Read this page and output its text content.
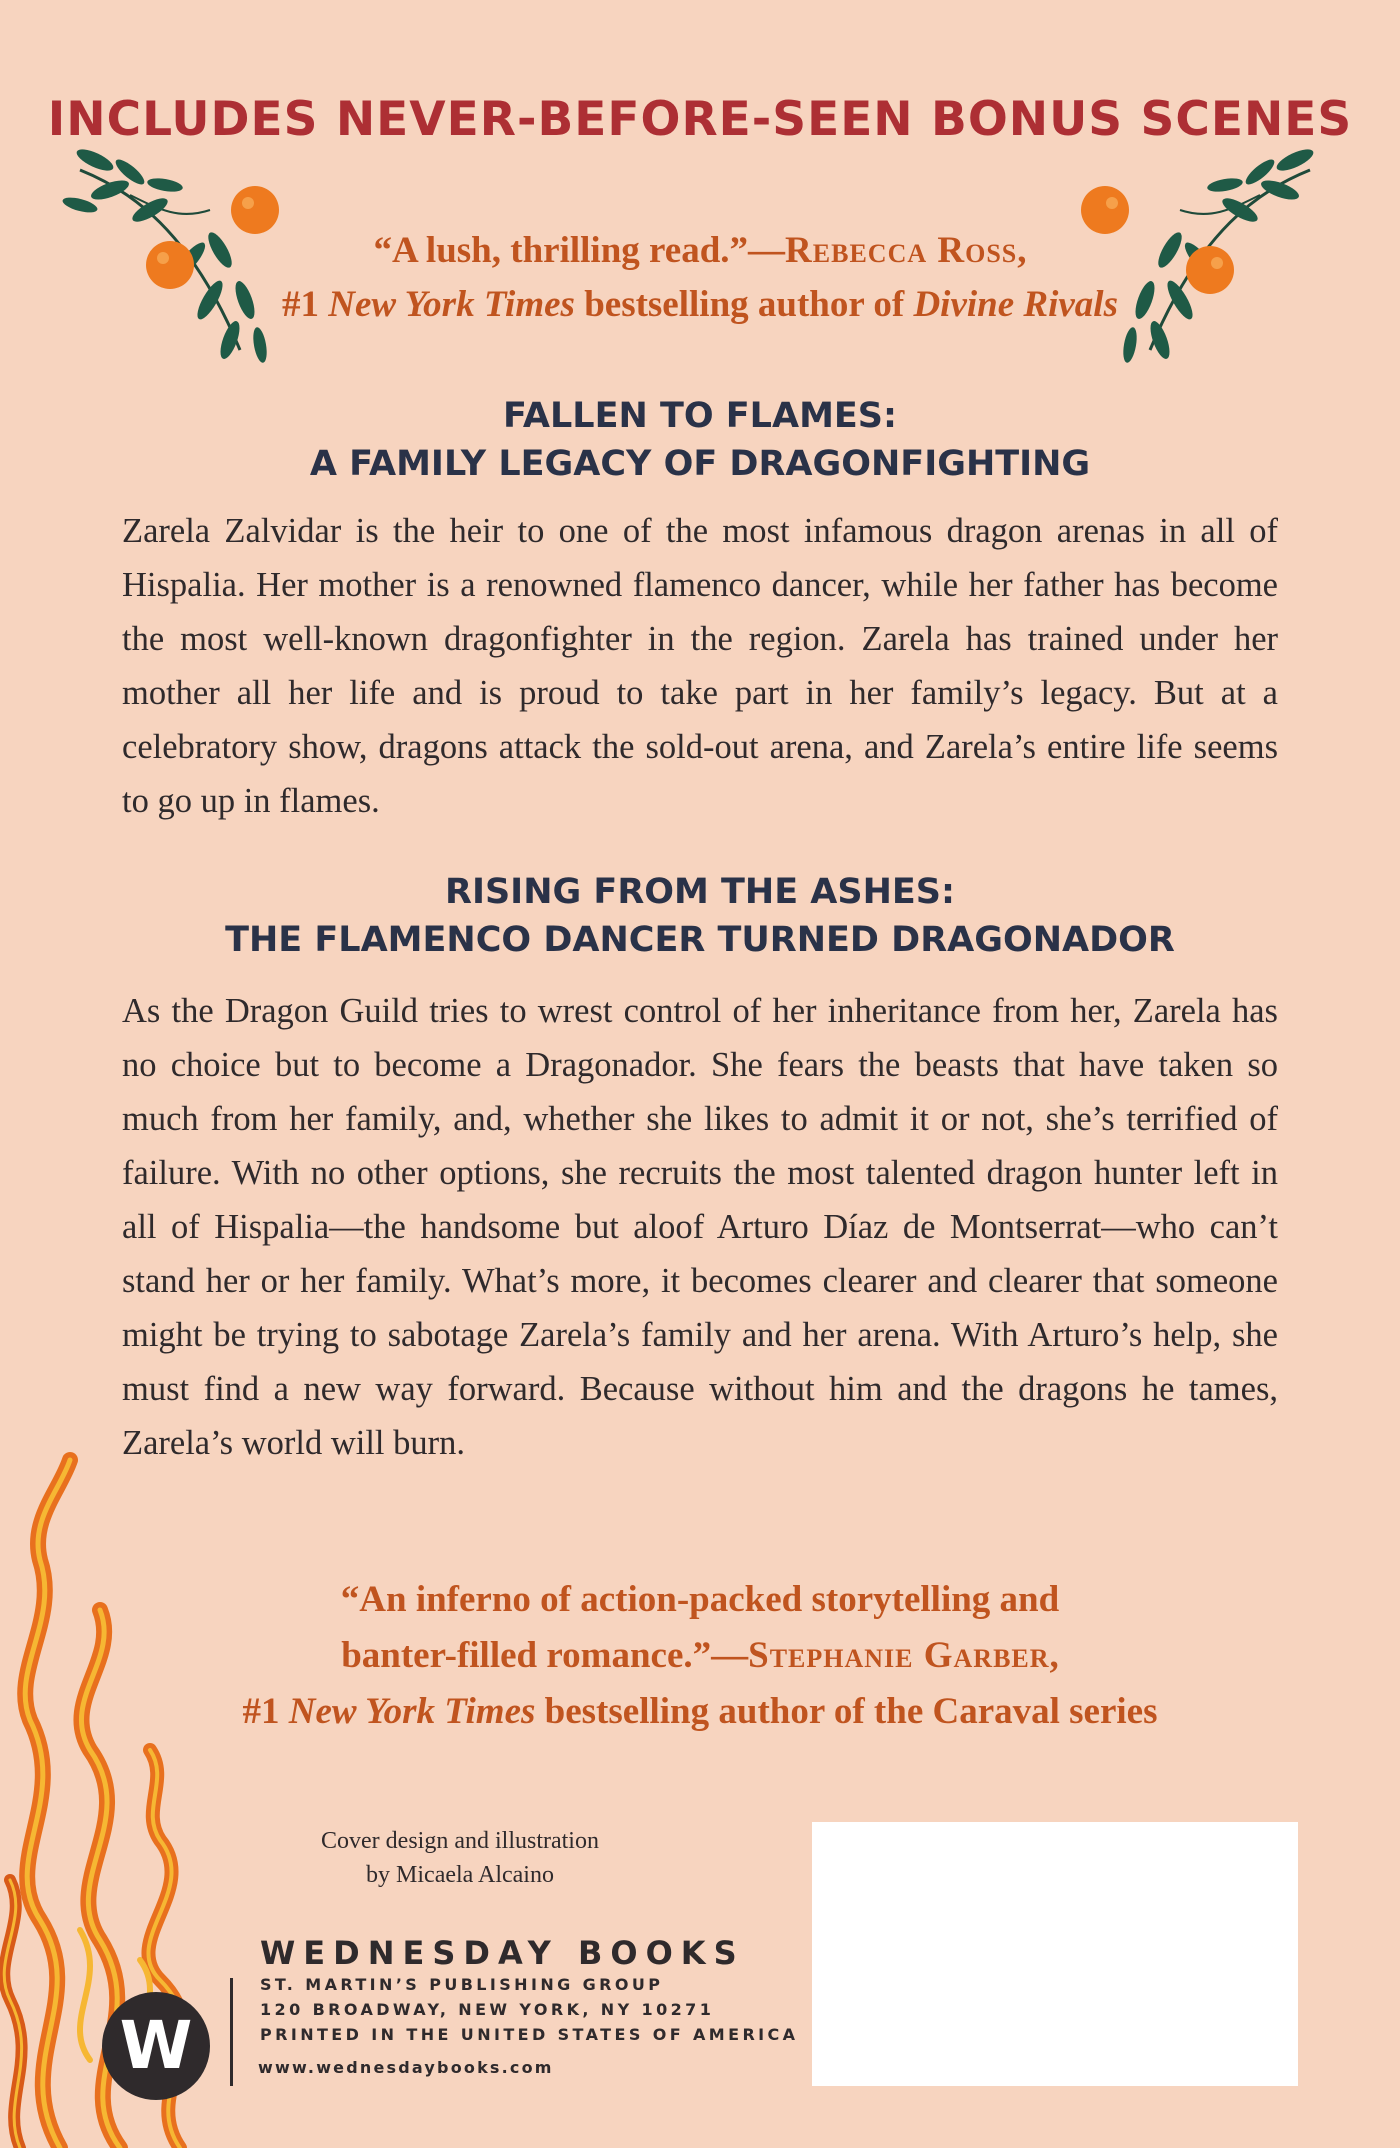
INCLUDES NEVER-BEFORE-SEEN BONUS SCENES
“A lush, thrilling read.”—Rebecca Ross,
#1 New York Times bestselling author of Divine Rivals
FALLEN TO FLAMES:
A FAMILY LEGACY OF DRAGONFIGHTING
Zarela Zalvidar is the heir to one of the most infamous dragon arenas in all of Hispalia. Her mother is a renowned flamenco dancer, while her father has become the most well-known dragonfighter in the region. Zarela has trained under her mother all her life and is proud to take part in her family’s legacy. But at a celebratory show, dragons attack the sold-out arena, and Zarela’s entire life seems to go up in flames.
RISING FROM THE ASHES:
THE FLAMENCO DANCER TURNED DRAGONADOR
As the Dragon Guild tries to wrest control of her inheritance from her, Zarela has no choice but to become a Dragonador. She fears the beasts that have taken so much from her family, and, whether she likes to admit it or not, she’s terrified of failure. With no other options, she recruits the most talented dragon hunter left in all of Hispalia—the handsome but aloof Arturo Díaz de Montserrat—who can’t stand her or her family. What’s more, it becomes clearer and clearer that someone might be trying to sabotage Zarela’s family and her arena. With Arturo’s help, she must find a new way forward. Because without him and the dragons he tames, Zarela’s world will burn.
“An inferno of action-packed storytelling and
banter-filled romance.”—Stephanie Garber,
#1 New York Times bestselling author of the Caraval series
Cover design and illustration
by Micaela Alcaino
W
WEDNESDAY BOOKS
ST. MARTIN’S PUBLISHING GROUP
120 BROADWAY, NEW YORK, NY 10271
PRINTED IN THE UNITED STATES OF AMERICA
www.wednesdaybooks.com
